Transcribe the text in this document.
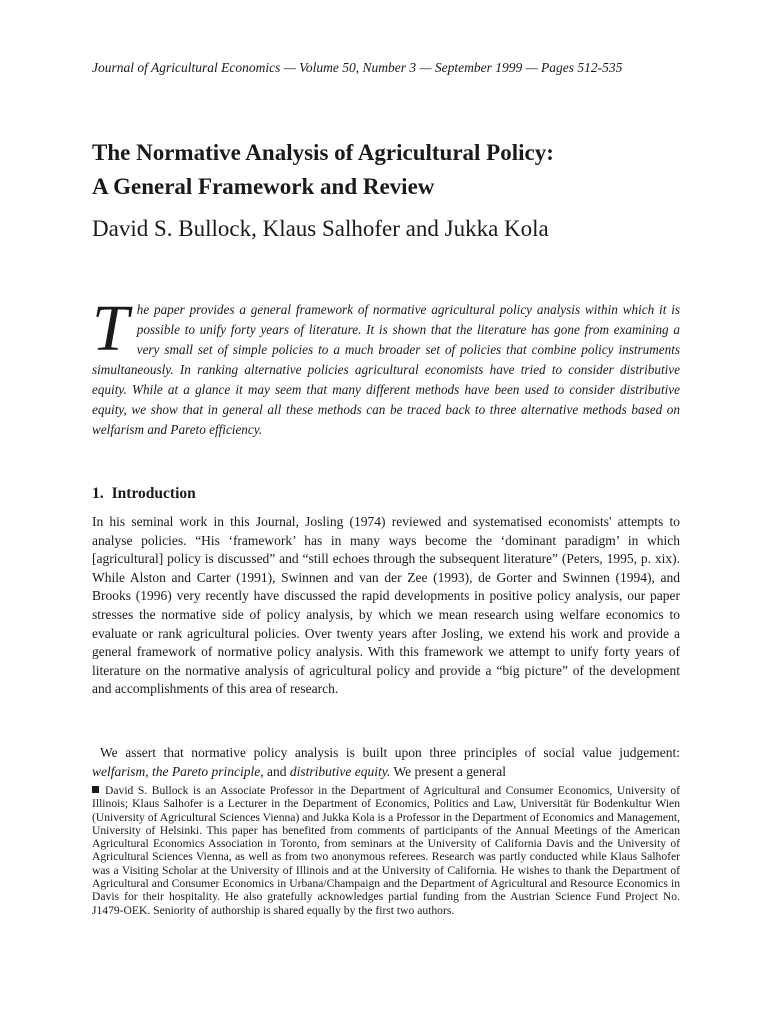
Journal of Agricultural Economics — Volume 50, Number 3 — September 1999 — Pages 512-535
The Normative Analysis of Agricultural Policy:
A General Framework and Review
David S. Bullock, Klaus Salhofer and Jukka Kola
The paper provides a general framework of normative agricultural policy analysis within which it is possible to unify forty years of literature. It is shown that the literature has gone from examining a very small set of simple policies to a much broader set of policies that combine policy instruments simultaneously. In ranking alternative policies agricultural economists have tried to consider distributive equity. While at a glance it may seem that many different methods have been used to consider distributive equity, we show that in general all these methods can be traced back to three alternative methods based on welfarism and Pareto efficiency.
1. Introduction
In his seminal work in this Journal, Josling (1974) reviewed and systematised economists' attempts to analyse policies. “His ‘framework’ has in many ways become the ‘dominant paradigm’ in which [agricultural] policy is discussed” and “still echoes through the subsequent literature” (Peters, 1995, p. xix). While Alston and Carter (1991), Swinnen and van der Zee (1993), de Gorter and Swinnen (1994), and Brooks (1996) very recently have discussed the rapid developments in positive policy analysis, our paper stresses the normative side of policy analysis, by which we mean research using welfare economics to evaluate or rank agricultural policies. Over twenty years after Josling, we extend his work and provide a general framework of normative policy analysis. With this framework we attempt to unify forty years of literature on the normative analysis of agricultural policy and provide a “big picture” of the development and accomplishments of this area of research.
We assert that normative policy analysis is built upon three principles of social value judgement: welfarism, the Pareto principle, and distributive equity. We present a general
David S. Bullock is an Associate Professor in the Department of Agricultural and Consumer Economics, University of Illinois; Klaus Salhofer is a Lecturer in the Department of Economics, Politics and Law, Universität für Bodenkultur Wien (University of Agricultural Sciences Vienna) and Jukka Kola is a Professor in the Department of Economics and Management, University of Helsinki. This paper has benefited from comments of participants of the Annual Meetings of the American Agricultural Economics Association in Toronto, from seminars at the University of California Davis and the University of Agricultural Sciences Vienna, as well as from two anonymous referees. Research was partly conducted while Klaus Salhofer was a Visiting Scholar at the University of Illinois and at the University of California. He wishes to thank the Department of Agricultural and Consumer Economics in Urbana/Champaign and the Department of Agricultural and Resource Economics in Davis for their hospitality. He also gratefully acknowledges partial funding from the Austrian Science Fund Project No. J1479-OEK. Seniority of authorship is shared equally by the first two authors.
